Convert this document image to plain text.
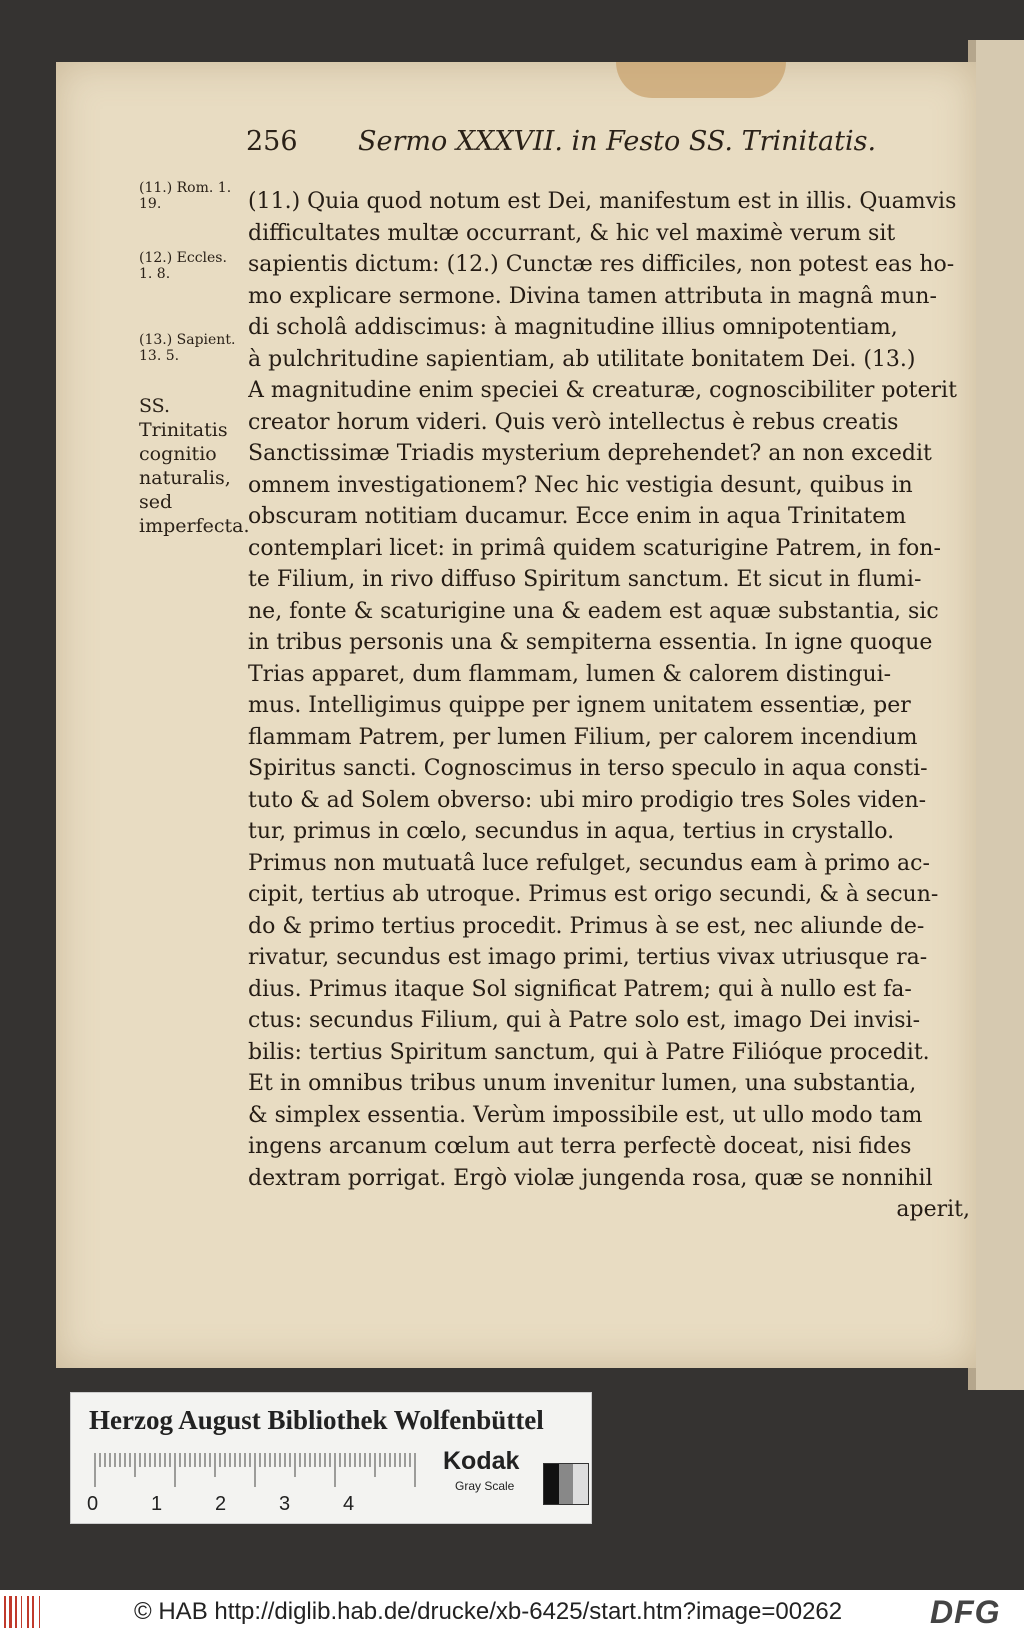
256 Sermo XXXVII. in Festo SS. Trinitatis.
(11.) Rom. 1. 19.
(12.) Eccles. 1. 8.
(13.) Sapient. 13. 5.
SS. Trinitatis cognitio naturalis, sed imperfecta.
(11.) Quia quod notum est Dei, manifestum est in illis. Quamvis
difficultates multæ occurrant, & hic vel maximè verum sit
sapientis dictum: (12.) Cunctæ res difficiles, non potest eas ho-
mo explicare sermone. Divina tamen attributa in magnâ mun-
di scholâ addiscimus: à magnitudine illius omnipotentiam,
à pulchritudine sapientiam, ab utilitate bonitatem Dei. (13.)
A magnitudine enim speciei & creaturæ, cognoscibiliter poterit
creator horum videri. Quis verò intellectus è rebus creatis
Sanctissimæ Triadis mysterium deprehendet? an non excedit
omnem investigationem? Nec hic vestigia desunt, quibus in
obscuram notitiam ducamur. Ecce enim in aqua Trinitatem
contemplari licet: in primâ quidem scaturigine Patrem, in fon-
te Filium, in rivo diffuso Spiritum sanctum. Et sicut in flumi-
ne, fonte & scaturigine una & eadem est aquæ substantia, sic
in tribus personis una & sempiterna essentia. In igne quoque
Trias apparet, dum flammam, lumen & calorem distingui-
mus. Intelligimus quippe per ignem unitatem essentiæ, per
flammam Patrem, per lumen Filium, per calorem incendium
Spiritus sancti. Cognoscimus in terso speculo in aqua consti-
tuto & ad Solem obverso: ubi miro prodigio tres Soles viden-
tur, primus in cœlo, secundus in aqua, tertius in crystallo.
Primus non mutuatâ luce refulget, secundus eam à primo ac-
cipit, tertius ab utroque. Primus est origo secundi, & à secun-
do & primo tertius procedit. Primus à se est, nec aliunde de-
rivatur, secundus est imago primi, tertius vivax utriusque ra-
dius. Primus itaque Sol significat Patrem; qui à nullo est fa-
ctus: secundus Filium, qui à Patre solo est, imago Dei invisi-
bilis: tertius Spiritum sanctum, qui à Patre Filióque procedit.
Et in omnibus tribus unum invenitur lumen, una substantia,
& simplex essentia. Verùm impossibile est, ut ullo modo tam
ingens arcanum cœlum aut terra perfectè doceat, nisi fides
dextram porrigat. Ergò violæ jungenda rosa, quæ se nonnihil
aperit,
Herzog August Bibliothek Wolfenbüttel
0	1	2	3	4
Kodak
Gray Scale
© HAB http://diglib.hab.de/drucke/xb-6425/start.htm?image=00262	DFG
